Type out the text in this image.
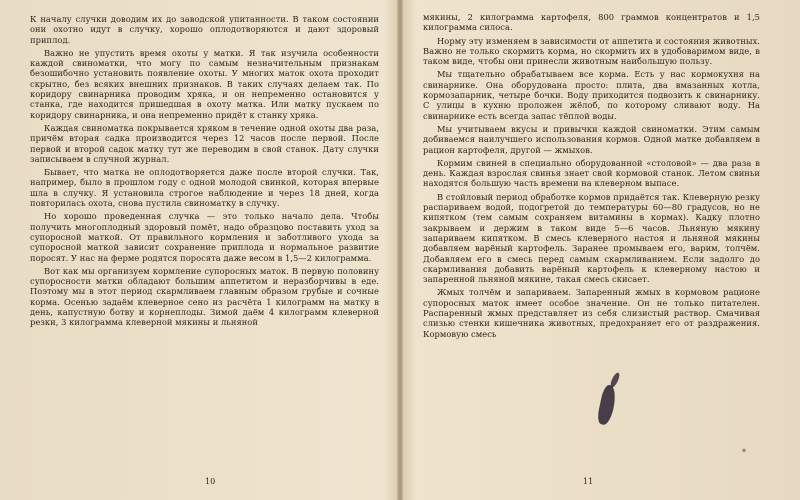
К началу случки доводим их до заводской упитанности. В таком состоянии они охотно идут в случку, хорошо оплодотворяются и дают здоровый приплод.

Важно не упустить время охоты у матки. Я так изучила особенности каждой свиноматки, что могу по самым незначительным признакам безошибочно установить появление охоты. У многих маток охота проходит скрытно, без всяких внешних признаков. В таких случаях делаем так. По коридору свинарника проводим хряка, и он непременно остановится у станка, где находится пришедшая в охоту матка. Или матку пускаем по коридору свинарника, и она непременно придёт к станку хряка.

Каждая свиноматка покрывается хряком в течение одной охоты два раза, причём вторая садка производится через 12 часов после первой. После первой и второй садок матку тут же переводим в свой станок. Дату случки записываем в случной журнал.

Бывает, что матка не оплодотворяется даже после второй случки. Так, например, было в прошлом году с одной молодой свинкой, которая впервые шла в случку. Я установила строгое наблюдение и через 18 дней, когда повторилась охота, снова пустила свиноматку в случку.

Но хорошо проведенная случка — это только начало дела. Чтобы получить многоплодный здоровый помёт, надо образцово поставить уход за супоросной маткой. От правильного кормления и заботливого ухода за супоросной маткой зависит сохранение приплода и нормальное развитие поросят. У нас на ферме родятся поросята даже весом в 1,5—2 килограмма.

Вот как мы организуем кормление супоросных маток. В первую половину супоросности матки обладают большим аппетитом и неразборчивы в еде. Поэтому мы в этот период скармливаем главным образом грубые и сочные корма. Осенью задаём клеверное сено из расчёта 1 килограмм на матку в день, капустную ботву и корнеплоды. Зимой даём 4 килограмм клеверной резки, 3 килограмма клеверной мякины и льняной

10

мякины, 2 килограмма картофеля, 800 граммов концентратов и 1,5 килограмма силоса.

Норму эту изменяем в зависимости от аппетита и состояния животных. Важно не только скормить корма, но скормить их в удобоваримом виде, в таком виде, чтобы они принесли животным наибольшую пользу.

Мы тщательно обрабатываем все корма. Есть у нас кормокухня на свинарнике. Она оборудована просто: плита, два вмазанных котла, кормозапарник, четыре бочки. Воду приходится подвозить к свинарнику. С улицы в кухню проложен жёлоб, по которому сливают воду. На свинарнике есть всегда запас тёплой воды.

Мы учитываем вкусы и привычки каждой свиноматки. Этим самым добиваемся наилучшего использования кормов. Одной матке добавляем в рацион картофеля, другой — жмыхов.

Кормим свиней в специально оборудованной «столовой» — два раза в день. Каждая взрослая свинья знает свой кормовой станок. Летом свиньи находятся большую часть времени на клеверном выпасе.

В стойловый период обработке кормов придаётся так. Клеверную резку распариваем водой, подогретой до температуры 60—80 градусов, но не кипятком (тем самым сохраняем витамины в кормах). Кадку плотно закрываем и держим в таком виде 5—6 часов. Льняную мякину запариваем кипятком. В смесь клеверного настоя и льняной мякины добавляем варёный картофель. Заранее промываем его, варим, толчём. Добавляем его в смесь перед самым скармливанием. Если задолго до скармливания добавить варёный картофель к клеверному настою и запаренной льняной мякине, такая смесь скисает.

Жмых толчём и запариваем. Запаренный жмых в кормовом рационе супоросных маток имеет особое значение. Он не только питателен. Распаренный жмых представляет из себя слизистый раствор. Смачивая слизью стенки кишечника животных, предохраняет его от раздражения. Кормовую смесь

11
*
